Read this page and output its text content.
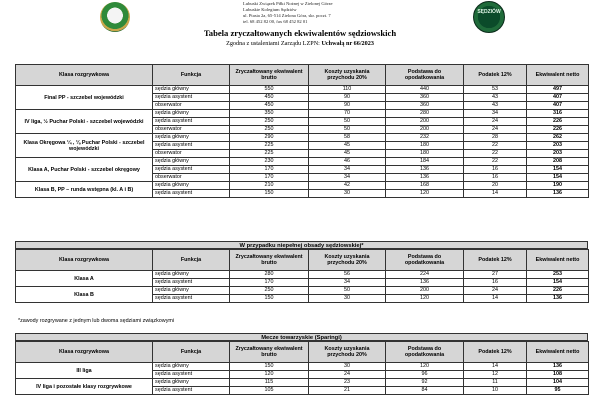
SĘDZIÓW
Lubuski Związek Piłki Nożnej w Zielonej Górze
Lubuskie Kolegium Sędziów
ul. Ptasia 2a, 65-514 Zielona Góra, skr. poczt. 7
tel. 68 452 82 00, fax 68 452 82 01
Tabela zryczałtowanych ekwiwalentów sędziowskich
Zgodna z ustaleniami Zarządu LZPN: Uchwałą nr 66/2023
Klasa rozgrywkowa	Funkcja	Zryczałtowany ekwiwalent brutto	Koszty uzyskania przychodu 20%	Podstawa do opodatkowania	Podatek 12%	Ekwiwalent netto
Final PP - szczebel wojewódzki	sędzia główny	550	110	440	53	497
	sędzia asystent	450	90	360	43	407
	obserwator	450	90	360	43	407
IV liga, ½ Puchar Polski - szczebel wojewódzki	sędzia główny	350	70	280	34	316
	sędzia asystent	250	50	200	24	226
	obserwator	250	50	200	24	226
Klasa Okręgowa ¼ , ⅛ Puchar Polski - szczebel wojewódzki	sędzia główny	290	58	232	28	262
	sędzia asystent	225	45	180	22	203
	obserwator	225	45	180	22	203
Klasa A, Puchar Polski - szczebel okręgowy	sędzia główny	230	46	184	22	208
	sędzia asystent	170	34	136	16	154
	obserwator	170	34	136	16	154
Klasa B, PP – runda wstępna (kl. A i B)	sędzia główny	210	42	168	20	190
	sędzia asystent	150	30	120	14	136
W przypadku niepełnej obsady sędziowskiej*
Klasa rozgrywkowa	Funkcja	Zryczałtowany ekwiwalent brutto	Koszty uzyskania przychodu 20%	Podstawa do opodatkowania	Podatek 12%	Ekwiwalent netto
Klasa A	sędzia główny	280	56	224	27	253
	sędzia asystent	170	34	136	16	154
Klasa B	sędzia główny	250	50	200	24	226
	sędzia asystent	150	30	120	14	136
*zawody rozgrywane z jednym lub dwoma sędziami związkowymi
Mecze towarzyskie (Sparingi)
Klasa rozgrywkowa	Funkcja	Zryczałtowany ekwiwalent brutto	Koszty uzyskania przychodu 20%	Podstawa do opodatkowania	Podatek 12%	Ekwiwalent netto
III liga	sędzia główny	150	30	120	14	136
	sędzia asystent	120	24	96	12	108
IV liga i pozostałe klasy rozgrywkowe	sędzia główny	115	23	92	11	104
	sędzia asystent	105	21	84	10	95
